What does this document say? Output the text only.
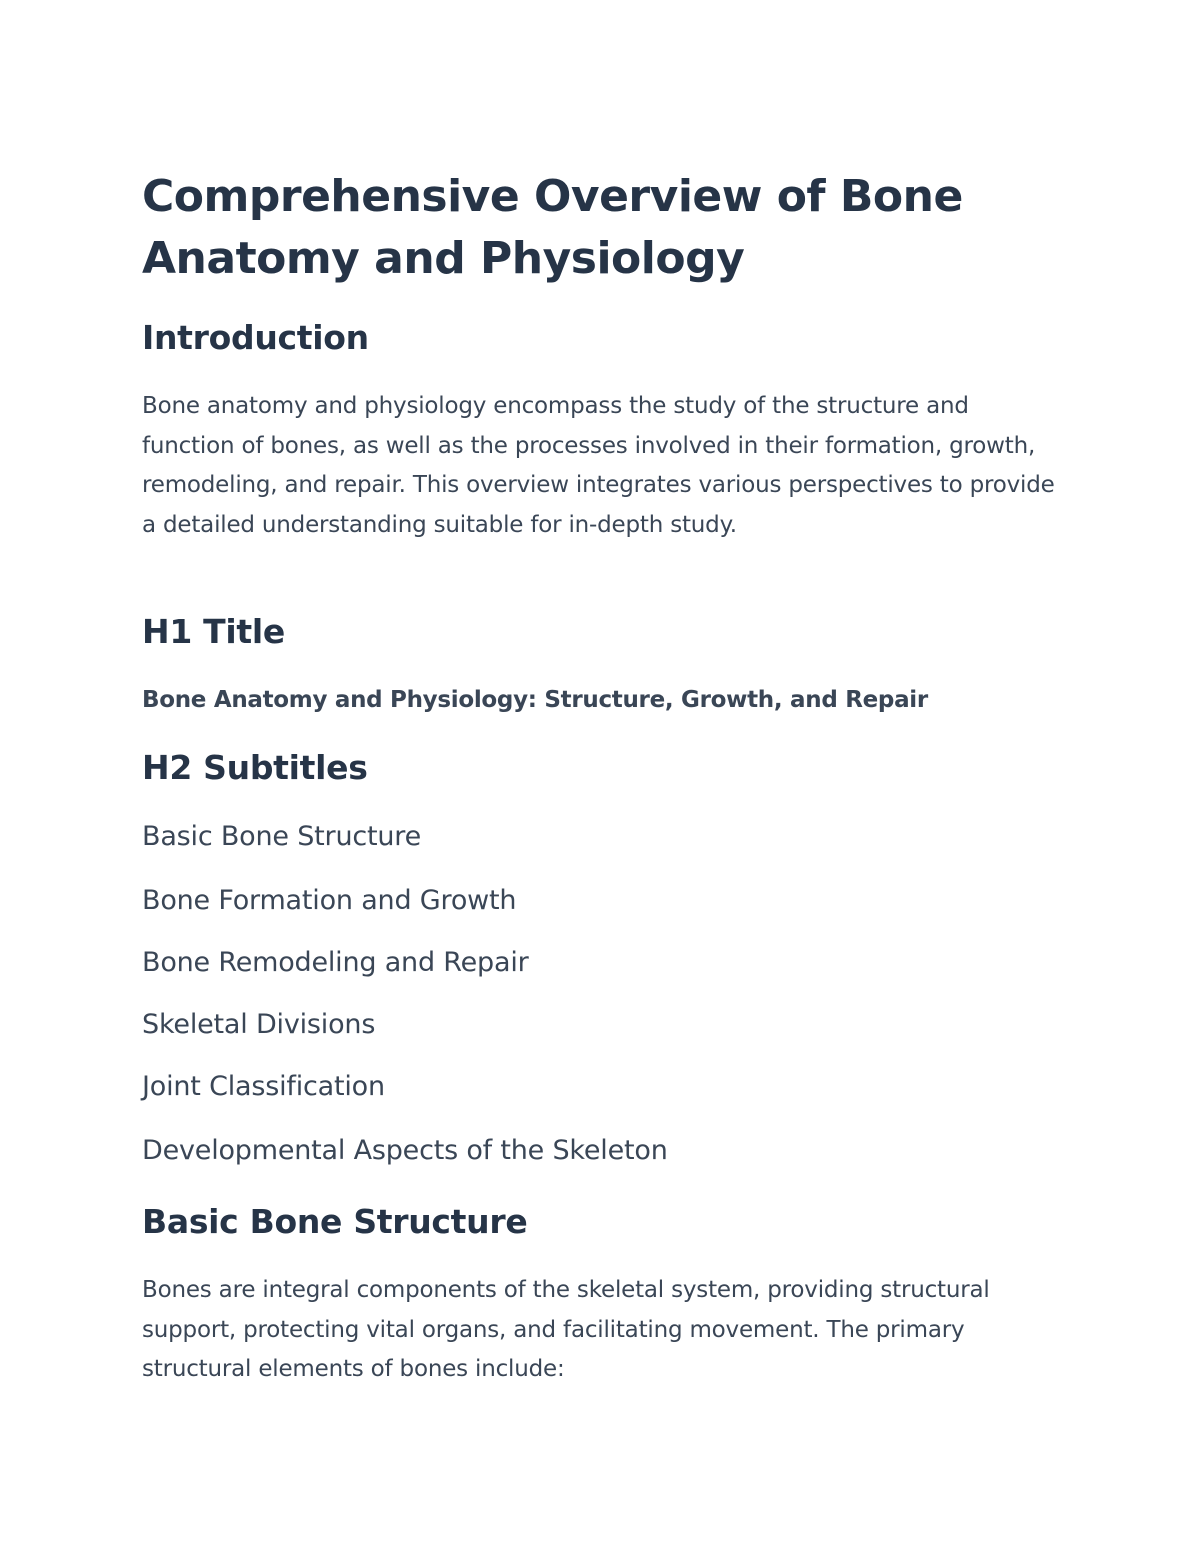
Comprehensive Overview of Bone Anatomy and Physiology
Introduction

Bone anatomy and physiology encompass the study of the structure and function of bones, as well as the processes involved in their formation, growth, remodeling, and repair. This overview integrates various perspectives to provide a detailed understanding suitable for in-depth study.

H1 Title

Bone Anatomy and Physiology: Structure, Growth, and Repair

H2 Subtitles

Basic Bone Structure

Bone Formation and Growth

Bone Remodeling and Repair

Skeletal Divisions

Joint Classification

Developmental Aspects of the Skeleton

Basic Bone Structure

Bones are integral components of the skeletal system, providing structural support, protecting vital organs, and facilitating movement. The primary structural elements of bones include:
